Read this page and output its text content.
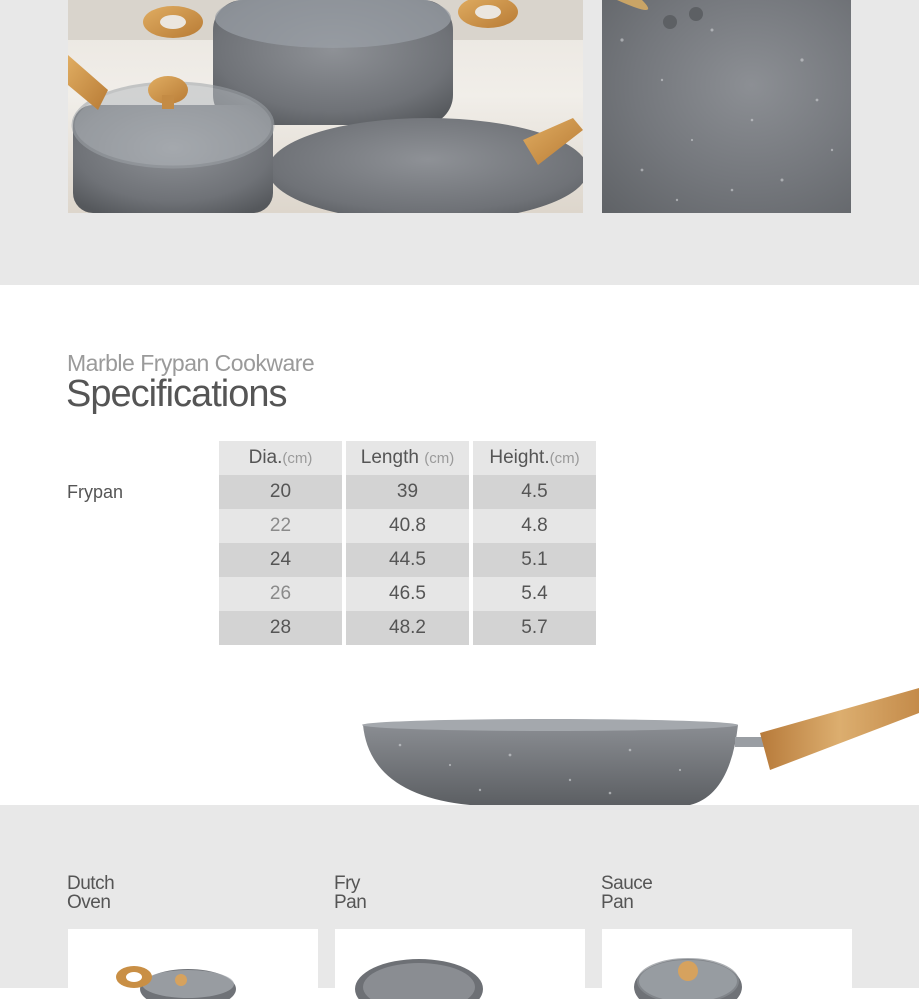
Marble Frypan Cookware
Specifications
Frypan
Dia.(cm)	Length (cm)	Height.(cm)
20	39	4.5
22	40.8	4.8
24	44.5	5.1
26	46.5	5.4
28	48.2	5.7
Dutch
Oven
Fry
Pan
Sauce
Pan
